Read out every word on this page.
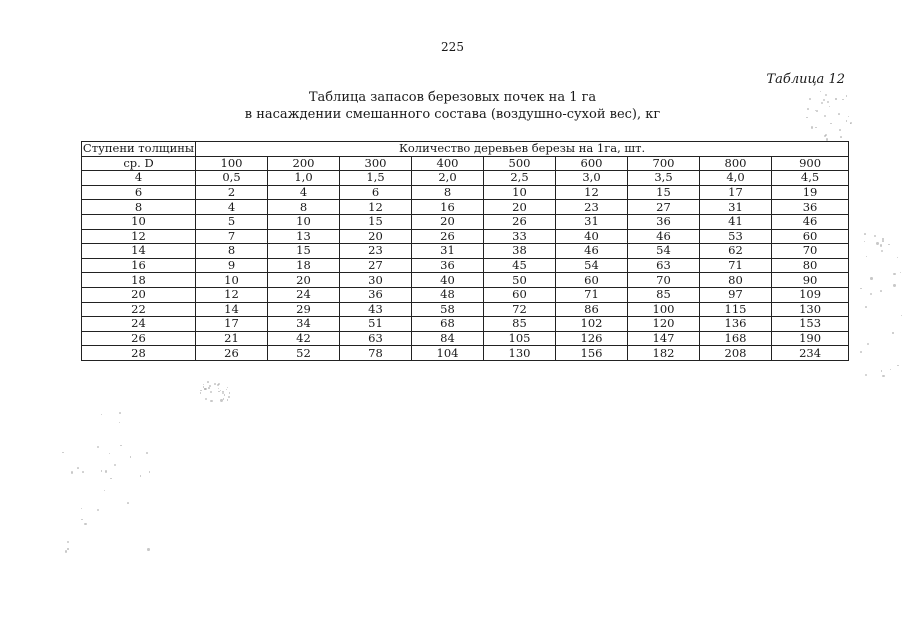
225
Таблица 12
Таблица запасов березовых почек на 1 га
в насаждении смешанного состава (воздушно-сухой вес), кг
Ступени толщины	Количество деревьев березы на 1га, шт.								
ср. D	100	200	300	400	500	600	700	800	900
4	0,5	1,0	1,5	2,0	2,5	3,0	3,5	4,0	4,5
6	2	4	6	8	10	12	15	17	19
8	4	8	12	16	20	23	27	31	36
10	5	10	15	20	26	31	36	41	46
12	7	13	20	26	33	40	46	53	60
14	8	15	23	31	38	46	54	62	70
16	9	18	27	36	45	54	63	71	80
18	10	20	30	40	50	60	70	80	90
20	12	24	36	48	60	71	85	97	109
22	14	29	43	58	72	86	100	115	130
24	17	34	51	68	85	102	120	136	153
26	21	42	63	84	105	126	147	168	190
28	26	52	78	104	130	156	182	208	234
